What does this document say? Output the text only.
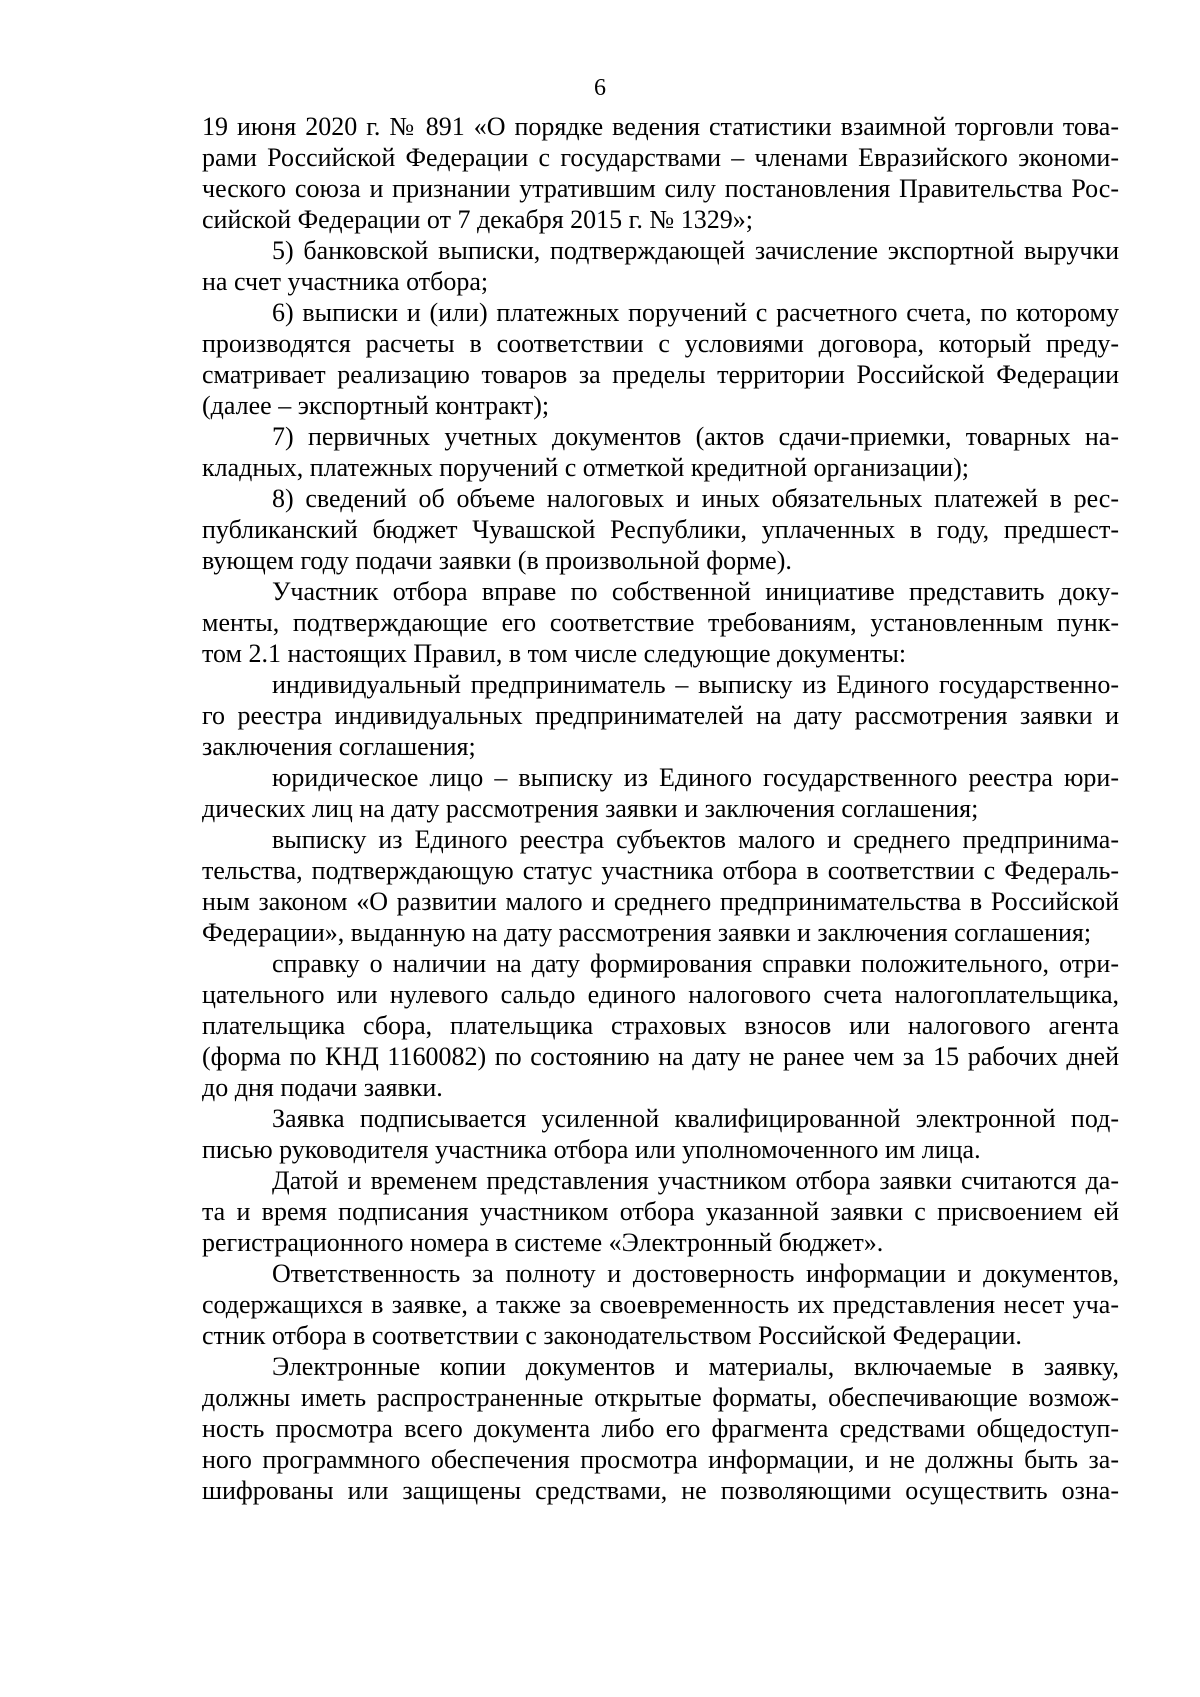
6
19 июня 2020 г. № 891 «О порядке ведения статистики взаимной торговли това-
рами Российской Федерации с государствами – членами Евразийского экономи-
ческого союза и признании утратившим силу постановления Правительства Рос-
сийской Федерации от 7 декабря 2015 г. № 1329»;
5) банковской выписки, подтверждающей зачисление экспортной выручки
на счет участника отбора;
6) выписки и (или) платежных поручений с расчетного счета, по которому
производятся расчеты в соответствии с условиями договора, который преду-
сматривает реализацию товаров за пределы территории Российской Федерации
(далее – экспортный контракт);
7) первичных учетных документов (актов сдачи-приемки, товарных на-
кладных, платежных поручений с отметкой кредитной организации);
8) сведений об объеме налоговых и иных обязательных платежей в рес-
публиканский бюджет Чувашской Республики, уплаченных в году, предшест-
вующем году подачи заявки (в произвольной форме).
Участник отбора вправе по собственной инициативе представить доку-
менты, подтверждающие его соответствие требованиям, установленным пунк-
том 2.1 настоящих Правил, в том числе следующие документы:
индивидуальный предприниматель – выписку из Единого государственно-
го реестра индивидуальных предпринимателей на дату рассмотрения заявки и
заключения соглашения;
юридическое лицо – выписку из Единого государственного реестра юри-
дических лиц на дату рассмотрения заявки и заключения соглашения;
выписку из Единого реестра субъектов малого и среднего предпринима-
тельства, подтверждающую статус участника отбора в соответствии с Федераль-
ным законом «О развитии малого и среднего предпринимательства в Российской
Федерации», выданную на дату рассмотрения заявки и заключения соглашения;
справку о наличии на дату формирования справки положительного, отри-
цательного или нулевого сальдо единого налогового счета налогоплательщика,
плательщика сбора, плательщика страховых взносов или налогового агента
(форма по КНД 1160082) по состоянию на дату не ранее чем за 15 рабочих дней
до дня подачи заявки.
Заявка подписывается усиленной квалифицированной электронной под-
писью руководителя участника отбора или уполномоченного им лица.
Датой и временем представления участником отбора заявки считаются да-
та и время подписания участником отбора указанной заявки с присвоением ей
регистрационного номера в системе «Электронный бюджет».
Ответственность за полноту и достоверность информации и документов,
содержащихся в заявке, а также за своевременность их представления несет уча-
стник отбора в соответствии с законодательством Российской Федерации.
Электронные копии документов и материалы, включаемые в заявку,
должны иметь распространенные открытые форматы, обеспечивающие возмож-
ность просмотра всего документа либо его фрагмента средствами общедоступ-
ного программного обеспечения просмотра информации, и не должны быть за-
шифрованы или защищены средствами, не позволяющими осуществить озна-
